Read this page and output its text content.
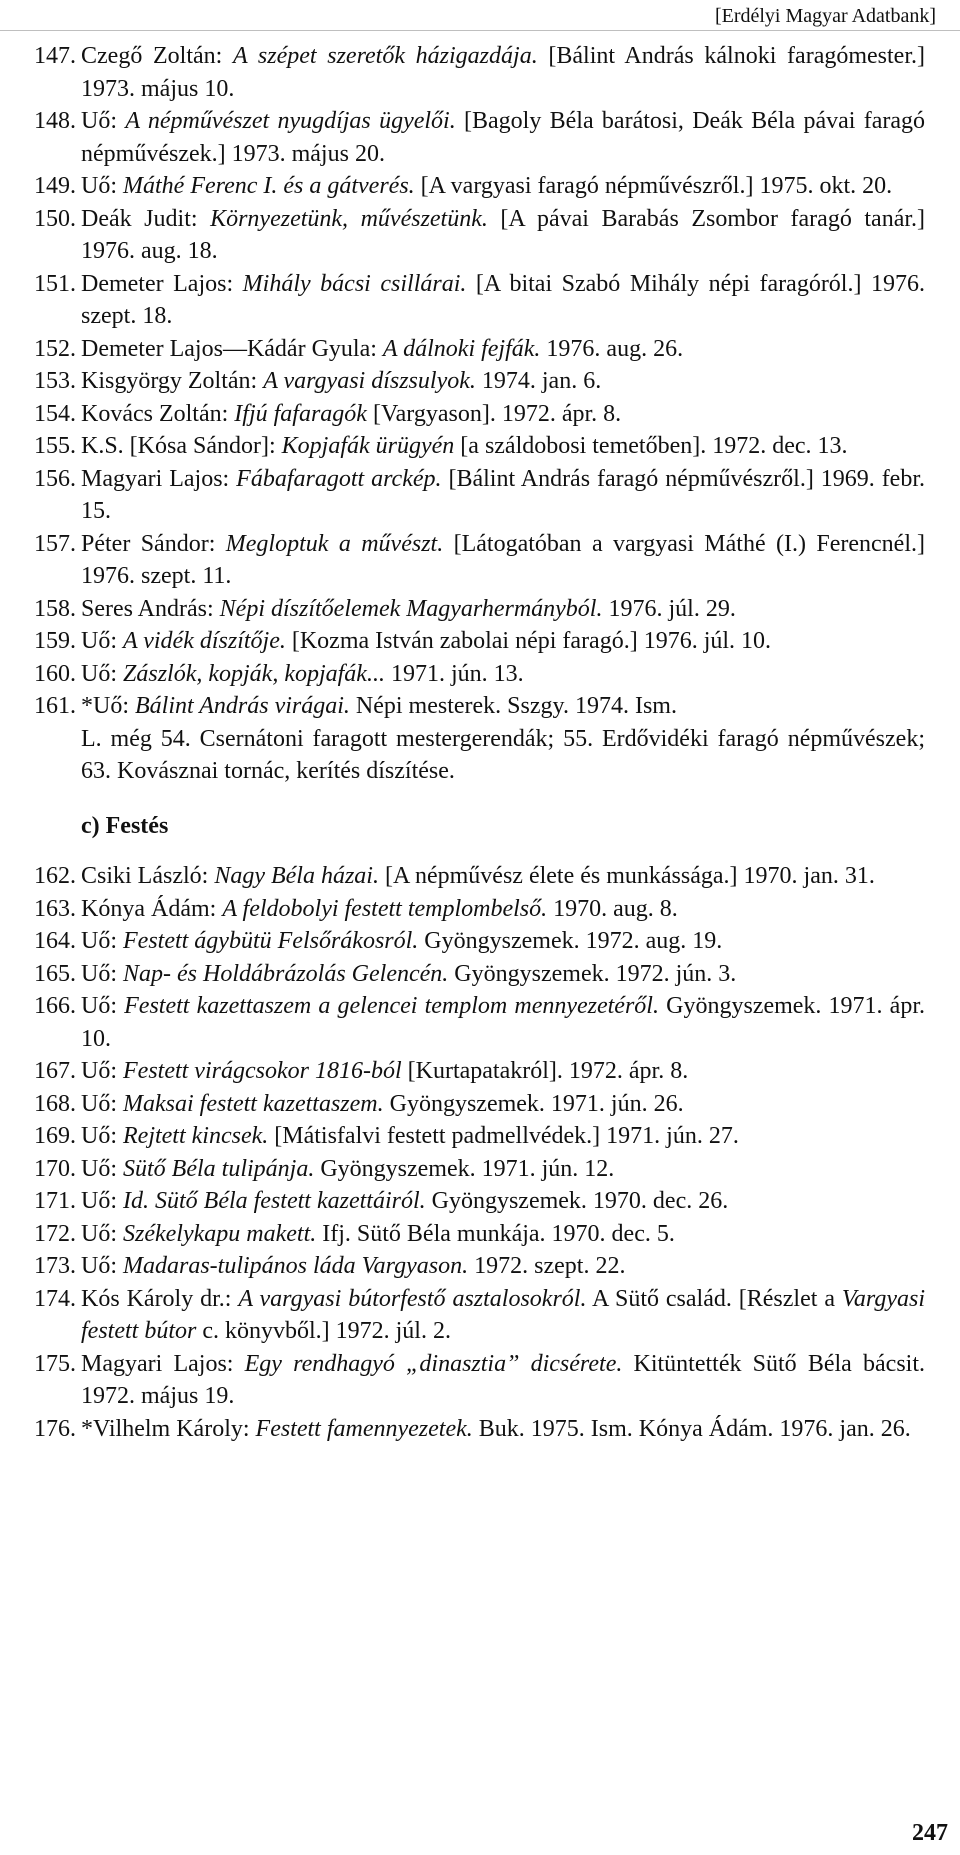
[Erdélyi Magyar Adatbank]

147. Czegő Zoltán: A szépet szeretők házigazdája. [Bálint András kálnoki faragómester.] 1973. május 10.

148. Uő: A népművészet nyugdíjas ügyelői. [Bagoly Béla barátosi, Deák Béla pávai faragó népművészek.] 1973. május 20.

149. Uő: Máthé Ferenc I. és a gátverés. [A vargyasi faragó népművészről.] 1975. okt. 20.

150. Deák Judit: Környezetünk, művészetünk. [A pávai Barabás Zsombor faragó tanár.] 1976. aug. 18.

151. Demeter Lajos: Mihály bácsi csillárai. [A bitai Szabó Mihály népi faragóról.] 1976. szept. 18.

152. Demeter Lajos—Kádár Gyula: A dálnoki fejfák. 1976. aug. 26.

153. Kisgyörgy Zoltán: A vargyasi díszsulyok. 1974. jan. 6.

154. Kovács Zoltán: Ifjú fafaragók [Vargyason]. 1972. ápr. 8.

155. K.S. [Kósa Sándor]: Kopjafák ürügyén [a száldobosi temetőben]. 1972. dec. 13.

156. Magyari Lajos: Fábafaragott arckép. [Bálint András faragó népművészről.] 1969. febr. 15.

157. Péter Sándor: Megloptuk a művészt. [Látogatóban a vargyasi Máthé (I.) Ferencnél.] 1976. szept. 11.

158. Seres András: Népi díszítőelemek Magyarhermányból. 1976. júl. 29.

159. Uő: A vidék díszítője. [Kozma István zabolai népi faragó.] 1976. júl. 10.

160. Uő: Zászlók, kopják, kopjafák... 1971. jún. 13.

161. *Uő: Bálint András virágai. Népi mesterek. Sszgy. 1974. Ism.

L. még 54. Csernátoni faragott mestergerendák; 55. Erdővidéki faragó népművészek; 63. Kovásznai tornác, kerítés díszítése.

c) Festés

162. Csiki László: Nagy Béla házai. [A népművész élete és munkássága.] 1970. jan. 31.

163. Kónya Ádám: A feldobolyi festett templombelső. 1970. aug. 8.

164. Uő: Festett ágybütü Felsőrákosról. Gyöngyszemek. 1972. aug. 19.

165. Uő: Nap- és Holdábrázolás Gelencén. Gyöngyszemek. 1972. jún. 3.

166. Uő: Festett kazettaszem a gelencei templom mennyezetéről. Gyöngyszemek. 1971. ápr. 10.

167. Uő: Festett virágcsokor 1816-ból [Kurtapatakról]. 1972. ápr. 8.

168. Uő: Maksai festett kazettaszem. Gyöngyszemek. 1971. jún. 26.

169. Uő: Rejtett kincsek. [Mátisfalvi festett padmellvédek.] 1971. jún. 27.

170. Uő: Sütő Béla tulipánja. Gyöngyszemek. 1971. jún. 12.

171. Uő: Id. Sütő Béla festett kazettáiról. Gyöngyszemek. 1970. dec. 26.

172. Uő: Székelykapu makett. Ifj. Sütő Béla munkája. 1970. dec. 5.

173. Uő: Madaras-tulipános láda Vargyason. 1972. szept. 22.

174. Kós Károly dr.: A vargyasi bútorfestő asztalosokról. A Sütő család. [Részlet a Vargyasi festett bútor c. könyvből.] 1972. júl. 2.

175. Magyari Lajos: Egy rendhagyó „dinasztia” dicsérete. Kitüntették Sütő Béla bácsit. 1972. május 19.

176. *Vilhelm Károly: Festett famennyezetek. Buk. 1975. Ism. Kónya Ádám. 1976. jan. 26.

247
